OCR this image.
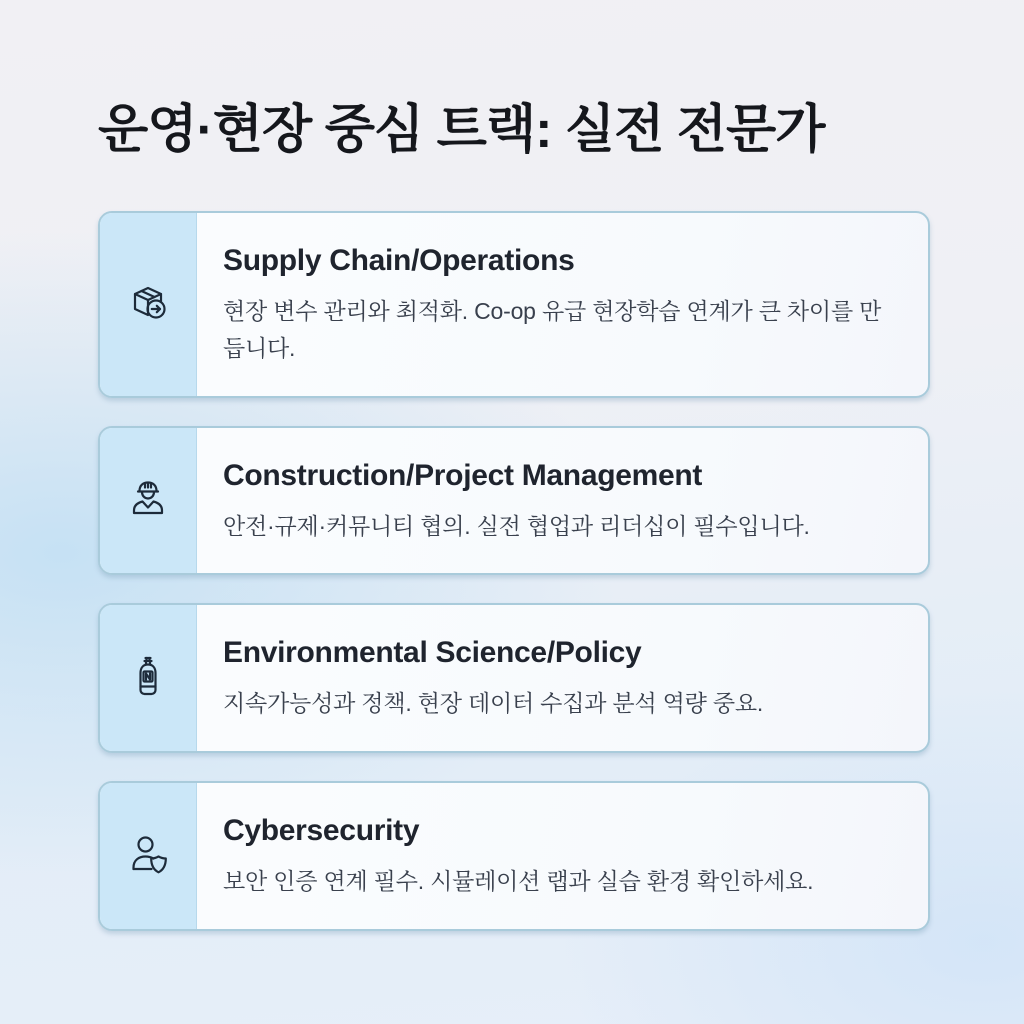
운영·현장 중심 트랙: 실전 전문가
Supply Chain/Operations
현장 변수 관리와 최적화. Co-op 유급 현장학습 연계가 큰 차이를 만듭니다.
Construction/Project Management
안전·규제·커뮤니티 협의. 실전 협업과 리더십이 필수입니다.
Environmental Science/Policy
지속가능성과 정책. 현장 데이터 수집과 분석 역량 중요.
Cybersecurity
보안 인증 연계 필수. 시뮬레이션 랩과 실습 환경 확인하세요.
